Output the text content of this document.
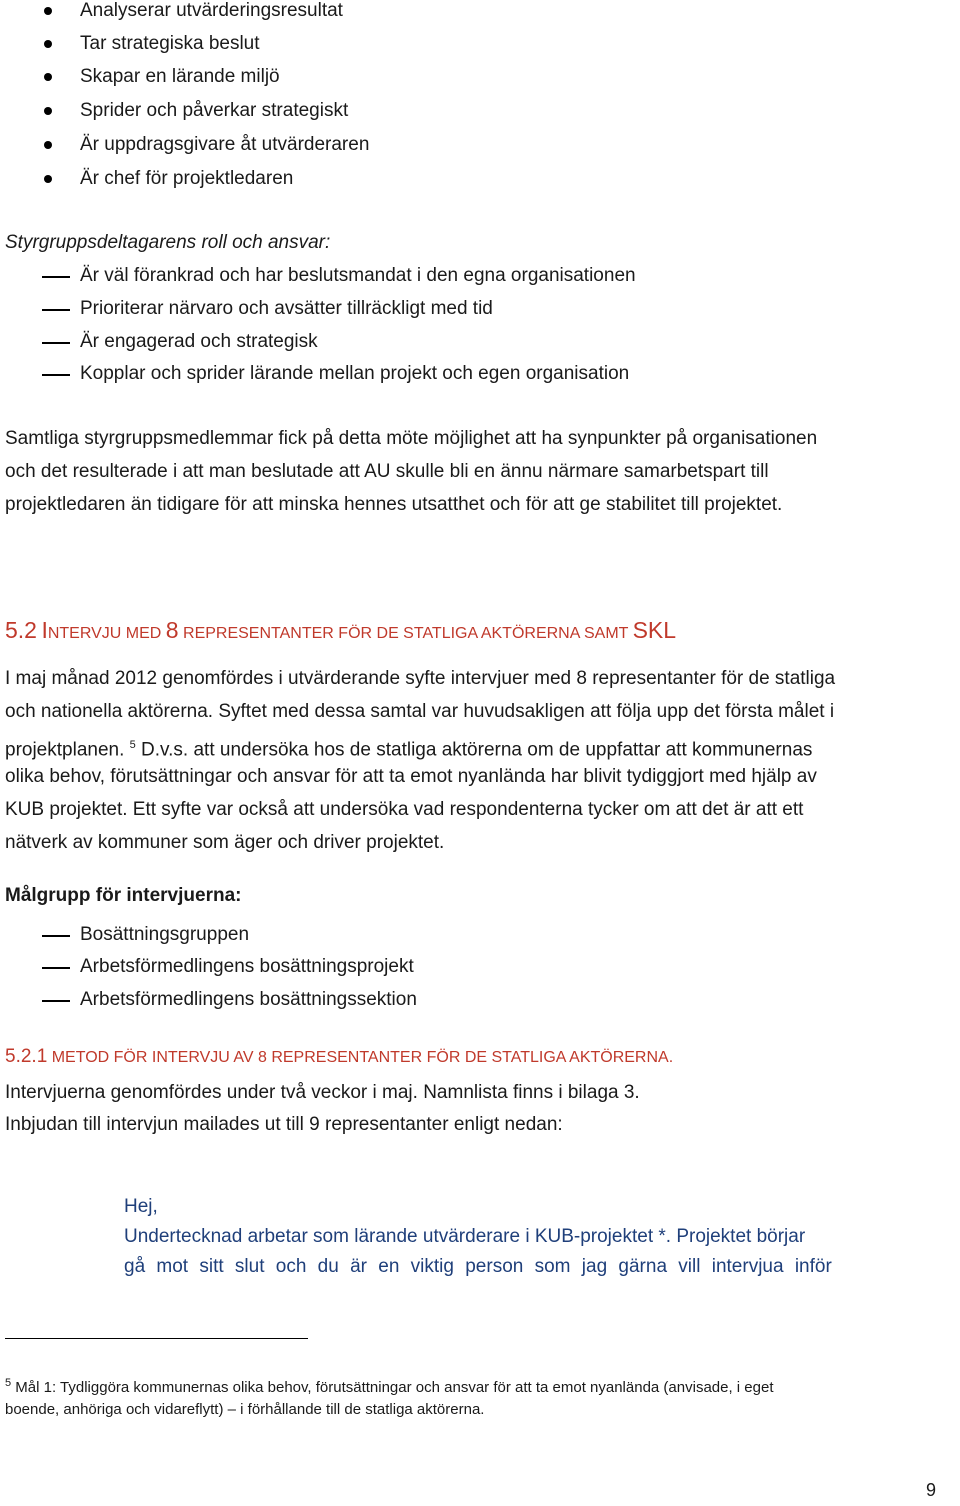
Analyserar utvärderingsresultat
Tar strategiska beslut
Skapar en lärande miljö
Sprider och påverkar strategiskt
Är uppdragsgivare åt utvärderaren
Är chef för projektledaren
Styrgruppsdeltagarens roll och ansvar:
Är väl förankrad och har beslutsmandat i den egna organisationen
Prioriterar närvaro och avsätter tillräckligt med tid
Är engagerad och strategisk
Kopplar och sprider lärande mellan projekt och egen organisation
Samtliga styrgruppsmedlemmar fick på detta möte möjlighet att ha synpunkter på organisationen
och det resulterade i att man beslutade att AU skulle bli en ännu närmare samarbetspart till
projektledaren än tidigare för att minska hennes utsatthet och för att ge stabilitet till projektet.
5.2 INTERVJU MED 8 REPRESENTANTER FÖR DE STATLIGA AKTÖRERNA SAMT SKL
I maj månad 2012 genomfördes i utvärderande syfte intervjuer med 8 representanter för de statliga
och nationella aktörerna. Syftet med dessa samtal var huvudsakligen att följa upp det första målet i
projektplanen. $^5$ D.v.s. att undersöka hos de statliga aktörerna om de uppfattar att kommunernas
olika behov, förutsättningar och ansvar för att ta emot nyanlända har blivit tydiggjort med hjälp av
KUB projektet. Ett syfte var också att undersöka vad respondenterna tycker om att det är att ett
nätverk av kommuner som äger och driver projektet.
Målgrupp för intervjuerna:
Bosättningsgruppen
Arbetsförmedlingens bosättningsprojekt
Arbetsförmedlingens bosättningssektion
5.2.1 METOD FÖR INTERVJU AV 8 REPRESENTANTER FÖR DE STATLIGA AKTÖRERNA.
Intervjuerna genomfördes under två veckor i maj. Namnlista finns i bilaga 3.
Inbjudan till intervjun mailades ut till 9 representanter enligt nedan:
Hej,
Undertecknad arbetar som lärande utvärderare i KUB-projektet *. Projektet börjar
gå mot sitt slut och du är en viktig person som jag gärna vill intervjua inför
$^5$ Mål 1: Tydliggöra kommunernas olika behov, förutsättningar och ansvar för att ta emot nyanlända (anvisade, i eget
boende, anhöriga och vidareflytt) – i förhållande till de statliga aktörerna.
9
